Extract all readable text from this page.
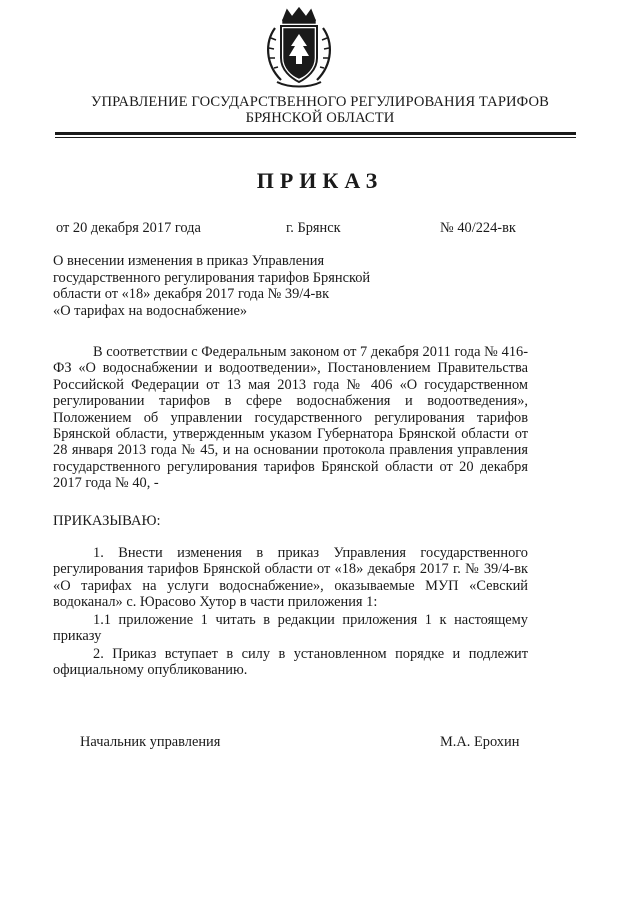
УПРАВЛЕНИЕ ГОСУДАРСТВЕННОГО РЕГУЛИРОВАНИЯ ТАРИФОВ
БРЯНСКОЙ ОБЛАСТИ
ПРИКАЗ
от 20 декабря 2017 года	г. Брянск	№ 40/224-вк
О внесении изменения в приказ Управления
государственного регулирования тарифов Брянской
области от «18» декабря 2017 года № 39/4-вк
«О тарифах на водоснабжение»
В соответствии с Федеральным законом от 7 декабря 2011 года № 416-ФЗ «О водоснабжении и водоотведении», Постановлением Правительства Российской Федерации от 13 мая 2013 года № 406 «О государственном регулировании тарифов в сфере водоснабжения и водоотведения», Положением об управлении государственного регулирования тарифов Брянской области, утвержденным указом Губернатора Брянской области от 28 января 2013 года № 45, и на основании протокола правления управления государственного регулирования тарифов Брянской области от 20 декабря 2017 года № 40, -
ПРИКАЗЫВАЮ:
1. Внести изменения в приказ Управления государственного регулирования тарифов Брянской области от «18» декабря 2017 г. № 39/4-вк «О тарифах на услуги водоснабжение», оказываемые МУП «Севский водоканал» с. Юрасово Хутор в части приложения 1:
1.1 приложение 1 читать в редакции приложения 1 к настоящему приказу
2. Приказ вступает в силу в установленном порядке и подлежит официальному опубликованию.
Начальник управления	М.А. Ерохин
